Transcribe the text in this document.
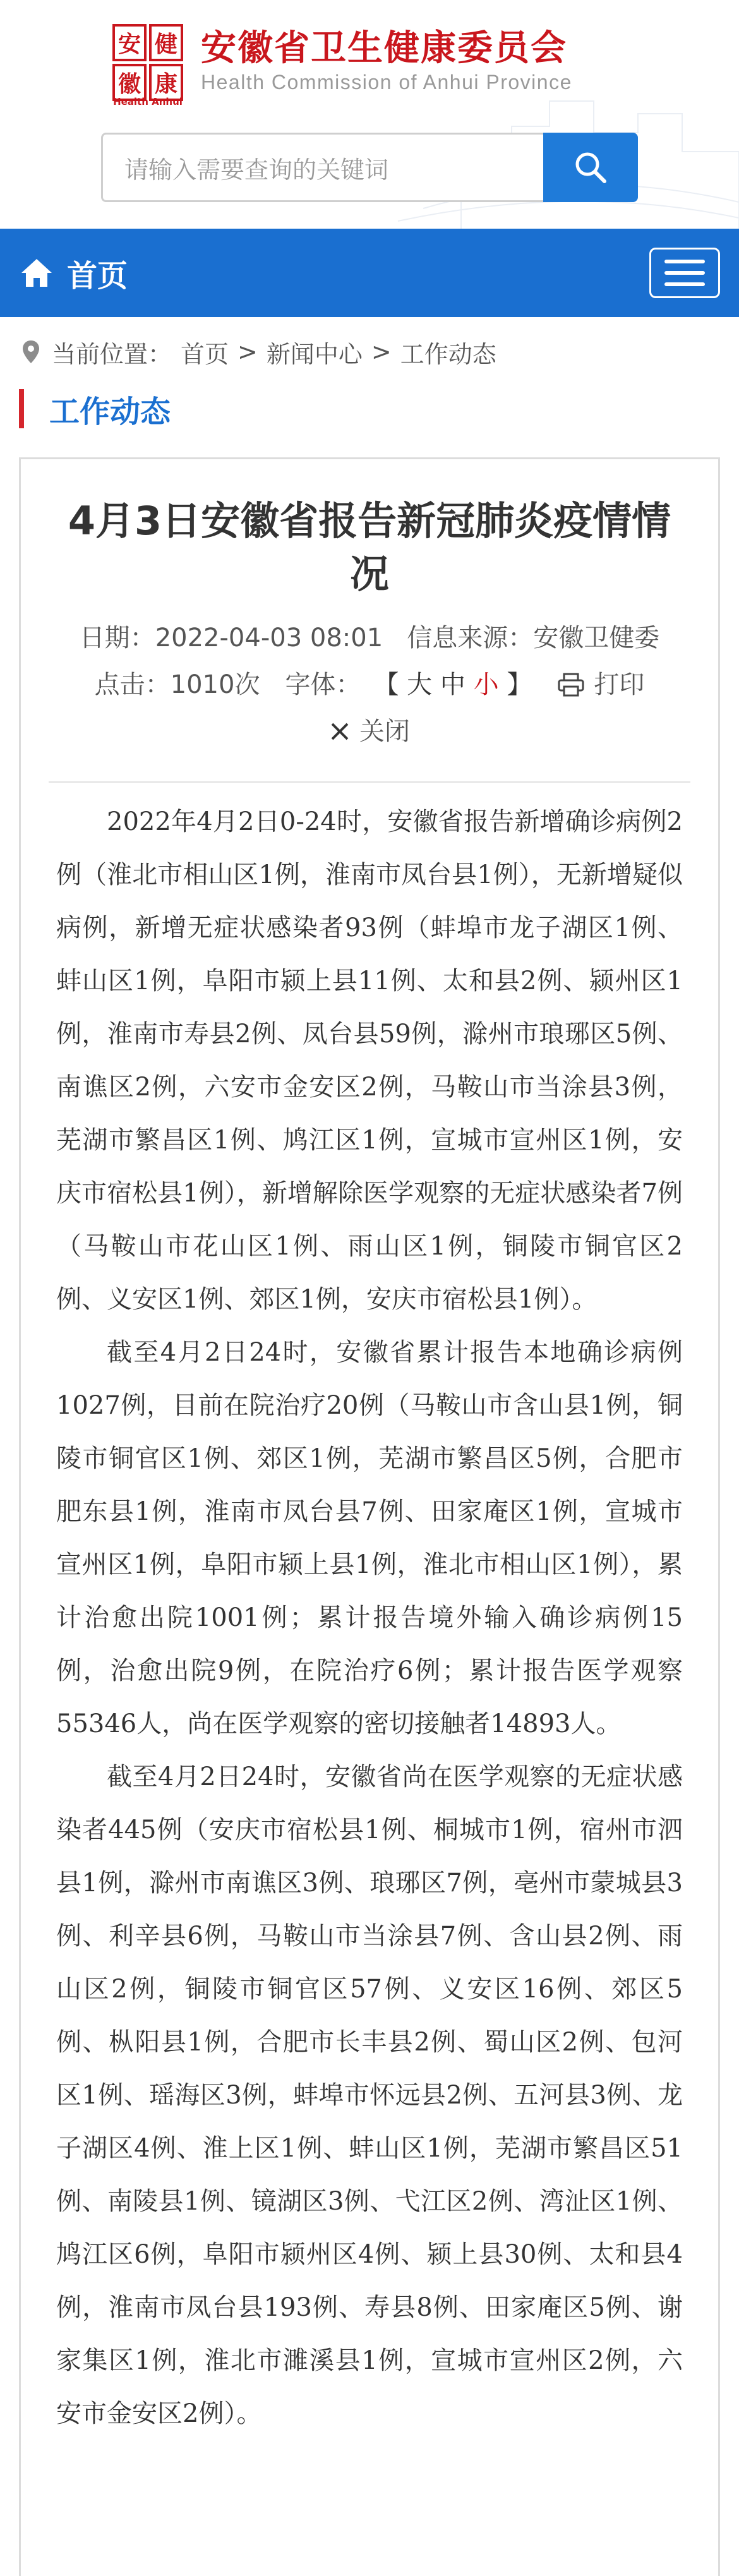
安 健
徽 康
安徽省卫生健康委员会
Health Commission of Anhui Province
Health Anhui
请输入需要查询的关键词
首页
当前位置： 首页 > 新闻中心 > 工作动态
工作动态
4月3日安徽省报告新冠肺炎疫情情况
日期：2022-04-03 08:01 信息来源：安徽卫健委
点击： 1010次 字体： 【 大 中 小 】 打印
关闭

2022年4月2日0-24时，安徽省报告新增确诊病例2例（淮北市相山区1例，淮南市凤台县1例），无新增疑似病例，新增无症状感染者93例（蚌埠市龙子湖区1例、蚌山区1例，阜阳市颍上县11例、太和县2例、颍州区1例，淮南市寿县2例、凤台县59例，滁州市琅琊区5例、南谯区2例，六安市金安区2例，马鞍山市当涂县3例，芜湖市繁昌区1例、鸠江区1例，宣城市宣州区1例，安庆市宿松县1例），新增解除医学观察的无症状感染者7例（马鞍山市花山区1例、雨山区1例，铜陵市铜官区2例、义安区1例、郊区1例，安庆市宿松县1例）。

截至4月2日24时，安徽省累计报告本地确诊病例1027例，目前在院治疗20例（马鞍山市含山县1例，铜陵市铜官区1例、郊区1例，芜湖市繁昌区5例，合肥市肥东县1例，淮南市凤台县7例、田家庵区1例，宣城市宣州区1例，阜阳市颍上县1例，淮北市相山区1例），累计治愈出院1001例；累计报告境外输入确诊病例15例，治愈出院9例，在院治疗6例；累计报告医学观察55346人，尚在医学观察的密切接触者14893人。

截至4月2日24时，安徽省尚在医学观察的无症状感染者445例（安庆市宿松县1例、桐城市1例，宿州市泗县1例，滁州市南谯区3例、琅琊区7例，亳州市蒙城县3例、利辛县6例，马鞍山市当涂县7例、含山县2例、雨山区2例，铜陵市铜官区57例、义安区16例、郊区5例、枞阳县1例，合肥市长丰县2例、蜀山区2例、包河区1例、瑶海区3例，蚌埠市怀远县2例、五河县3例、龙子湖区4例、淮上区1例、蚌山区1例，芜湖市繁昌区51例、南陵县1例、镜湖区3例、弋江区2例、湾沚区1例、鸠江区6例，阜阳市颍州区4例、颍上县30例、太和县4例，淮南市凤台县193例、寿县8例、田家庵区5例、谢家集区1例，淮北市濉溪县1例，宣城市宣州区2例，六安市金安区2例）。
